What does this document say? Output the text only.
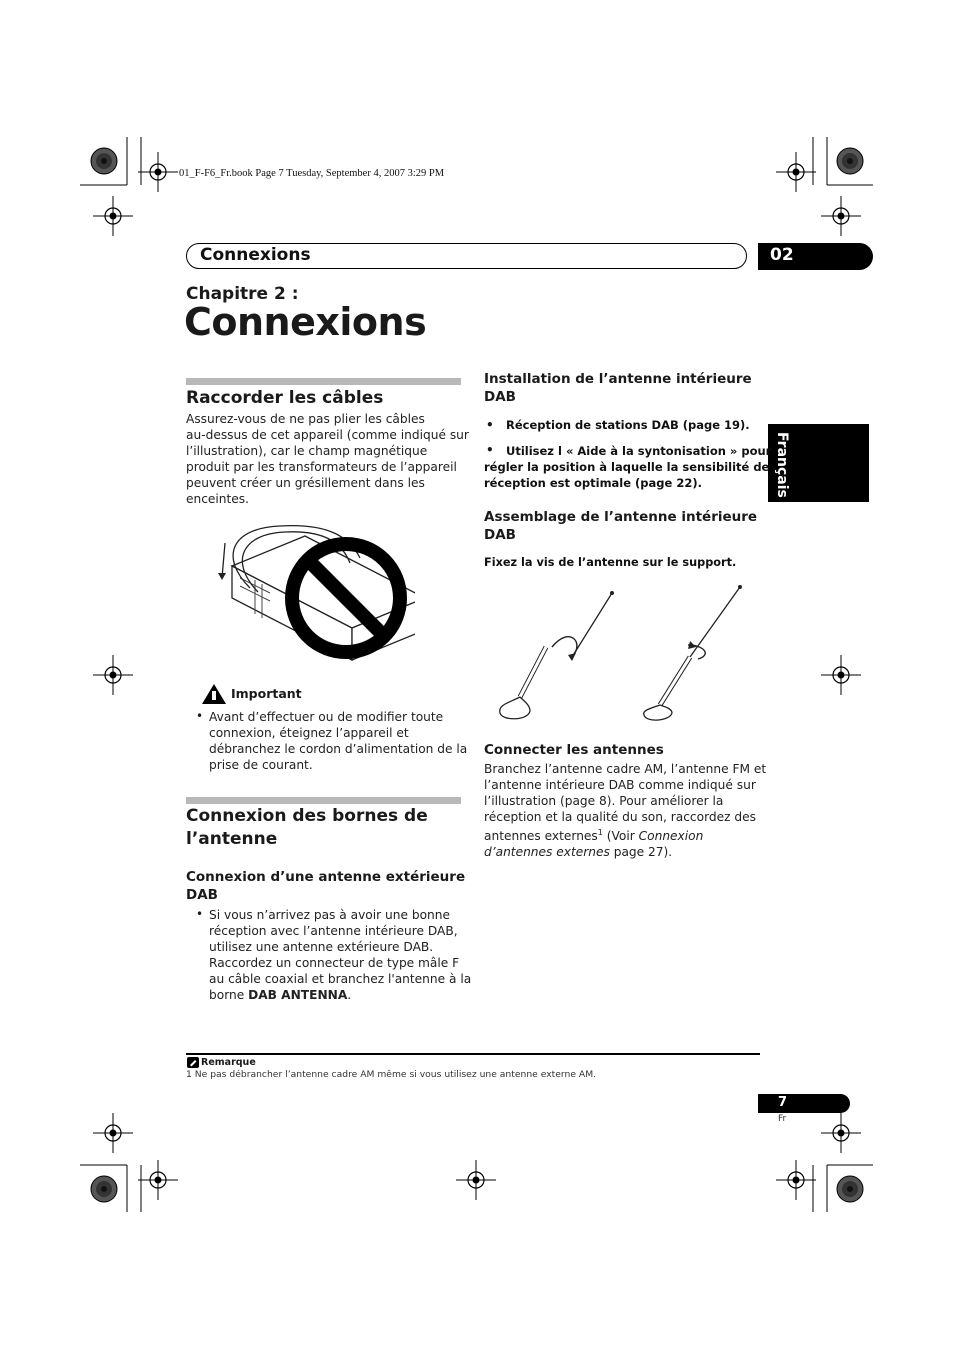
01_F-F6_Fr.book Page 7 Tuesday, September 4, 2007 3:29 PM
Connexions	02
Chapitre 2 :
Connexions
Français
Raccorder les câbles
Assurez-vous de ne pas plier les câbles
au-dessus de cet appareil (comme indiqué sur
l’illustration), car le champ magnétique
produit par les transformateurs de l’appareil
peuvent créer un grésillement dans les
enceintes.
Important
• Avant d’effectuer ou de modifier toute
connexion, éteignez l’appareil et
débranchez le cordon d’alimentation de la
prise de courant.
Connexion des bornes de
l’antenne
Connexion d’une antenne extérieure
DAB
• Si vous n’arrivez pas à avoir une bonne
réception avec l’antenne intérieure DAB,
utilisez une antenne extérieure DAB.
Raccordez un connecteur de type mâle F
au câble coaxial et branchez l'antenne à la
borne DAB ANTENNA.
Installation de l’antenne intérieure
DAB
• Réception de stations DAB (page 19).
•	Utilisez l « Aide à la syntonisation » pour
régler la position à laquelle la sensibilité de
réception est optimale (page 22).
Assemblage de l’antenne intérieure
DAB
Fixez la vis de l’antenne sur le support.
Connecter les antennes
Branchez l’antenne cadre AM, l’antenne FM et
l’antenne intérieure DAB comme indiqué sur
l’illustration (page 8). Pour améliorer la
réception et la qualité du son, raccordez des
antennes externes$^1$ (Voir Connexion
d’antennes externes page 27).
Remarque
1 Ne pas débrancher l’antenne cadre AM même si vous utilisez une antenne externe AM.
7
Fr
